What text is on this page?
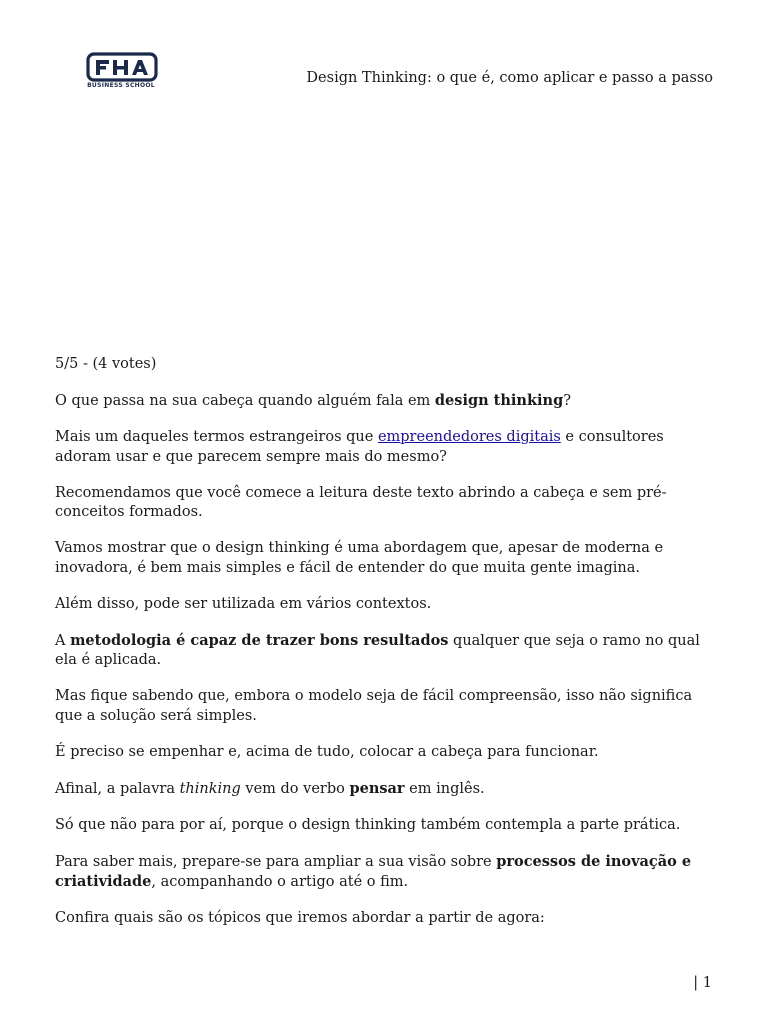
BUSINESS SCHOOL	Design Thinking: o que é, como aplicar e passo a passo

5/5 - (4 votes)

O que passa na sua cabeça quando alguém fala em design thinking?

Mais um daqueles termos estrangeiros que empreendedores digitais e consultores adoram usar e que parecem sempre mais do mesmo?

Recomendamos que você comece a leitura deste texto abrindo a cabeça e sem pré-conceitos formados.

Vamos mostrar que o design thinking é uma abordagem que, apesar de moderna e inovadora, é bem mais simples e fácil de entender do que muita gente imagina.

Além disso, pode ser utilizada em vários contextos.

A metodologia é capaz de trazer bons resultados qualquer que seja o ramo no qual ela é aplicada.

Mas fique sabendo que, embora o modelo seja de fácil compreensão, isso não significa que a solução será simples.

É preciso se empenhar e, acima de tudo, colocar a cabeça para funcionar.

Afinal, a palavra thinking vem do verbo pensar em inglês.

Só que não para por aí, porque o design thinking também contempla a parte prática.

Para saber mais, prepare-se para ampliar a sua visão sobre processos de inovação e criatividade, acompanhando o artigo até o fim.

Confira quais são os tópicos que iremos abordar a partir de agora:

| 1
